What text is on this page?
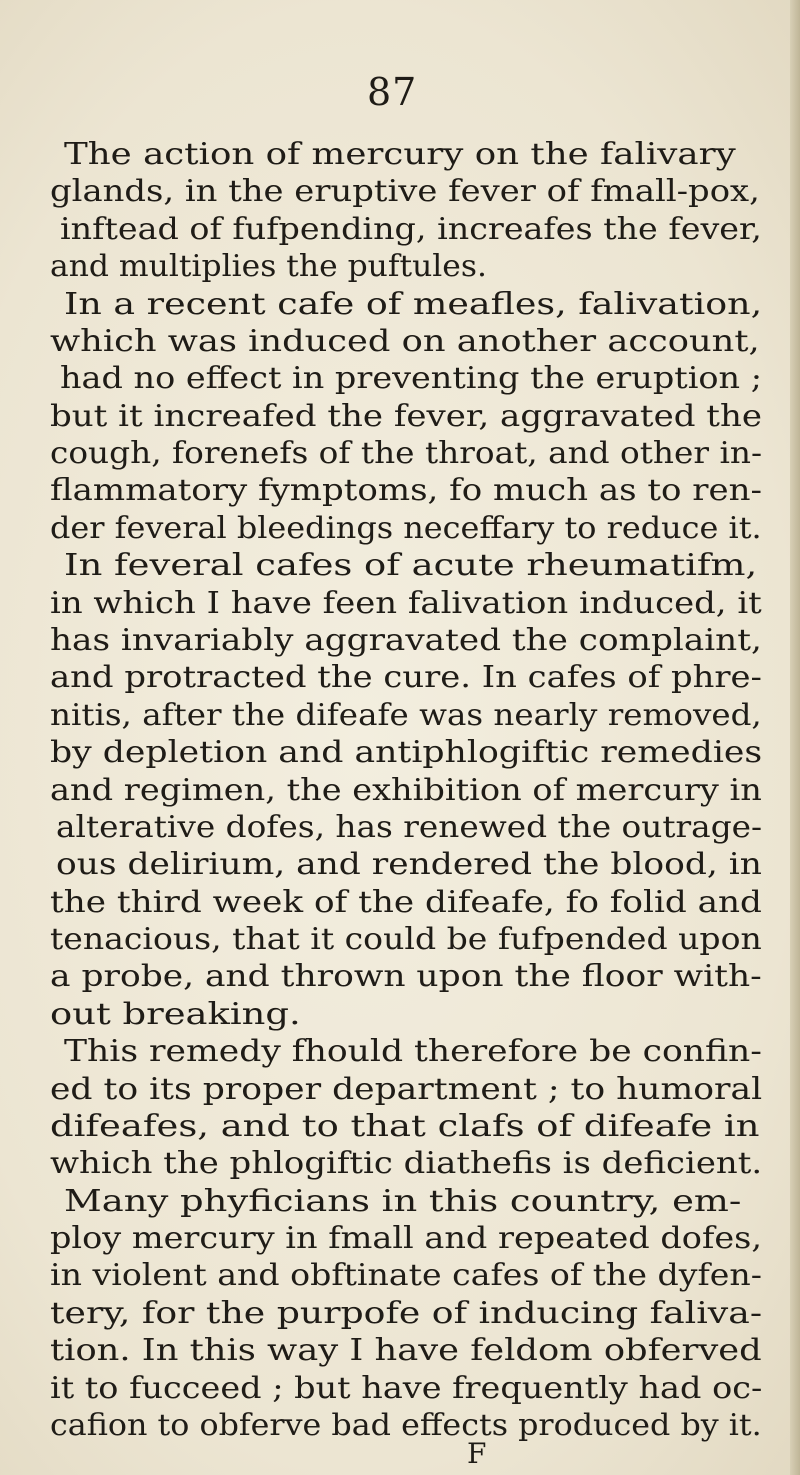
87
The action of mercury on the falivary
glands, in the eruptive fever of fmall-pox,
inftead of fufpending, increafes the fever,
and multiplies the puftules.
In a recent cafe of meafles, falivation,
which was induced on another account,
had no effect in preventing the eruption ;
but it increafed the fever, aggravated the
cough, forenefs of the throat, and other in-
flammatory fymptoms, fo much as to ren-
der feveral bleedings neceffary to reduce it.
In feveral cafes of acute rheumatifm,
in which I have feen falivation induced, it
has invariably aggravated the complaint,
and protracted the cure. In cafes of phre-
nitis, after the difeafe was nearly removed,
by depletion and antiphlogiftic remedies
and regimen, the exhibition of mercury in
alterative dofes, has renewed the outrage-
ous delirium, and rendered the blood, in
the third week of the difeafe, fo folid and
tenacious, that it could be fufpended upon
a probe, and thrown upon the floor with-
out breaking.
This remedy fhould therefore be confin-
ed to its proper department ; to humoral
difeafes, and to that clafs of difeafe in
which the phlogiftic diathefis is deficient.
Many phyficians in this country, em-
ploy mercury in fmall and repeated dofes,
in violent and obftinate cafes of the dyfen-
tery, for the purpofe of inducing faliva-
tion. In this way I have feldom obferved
it to fucceed ; but have frequently had oc-
cafion to obferve bad effects produced by it.
F
